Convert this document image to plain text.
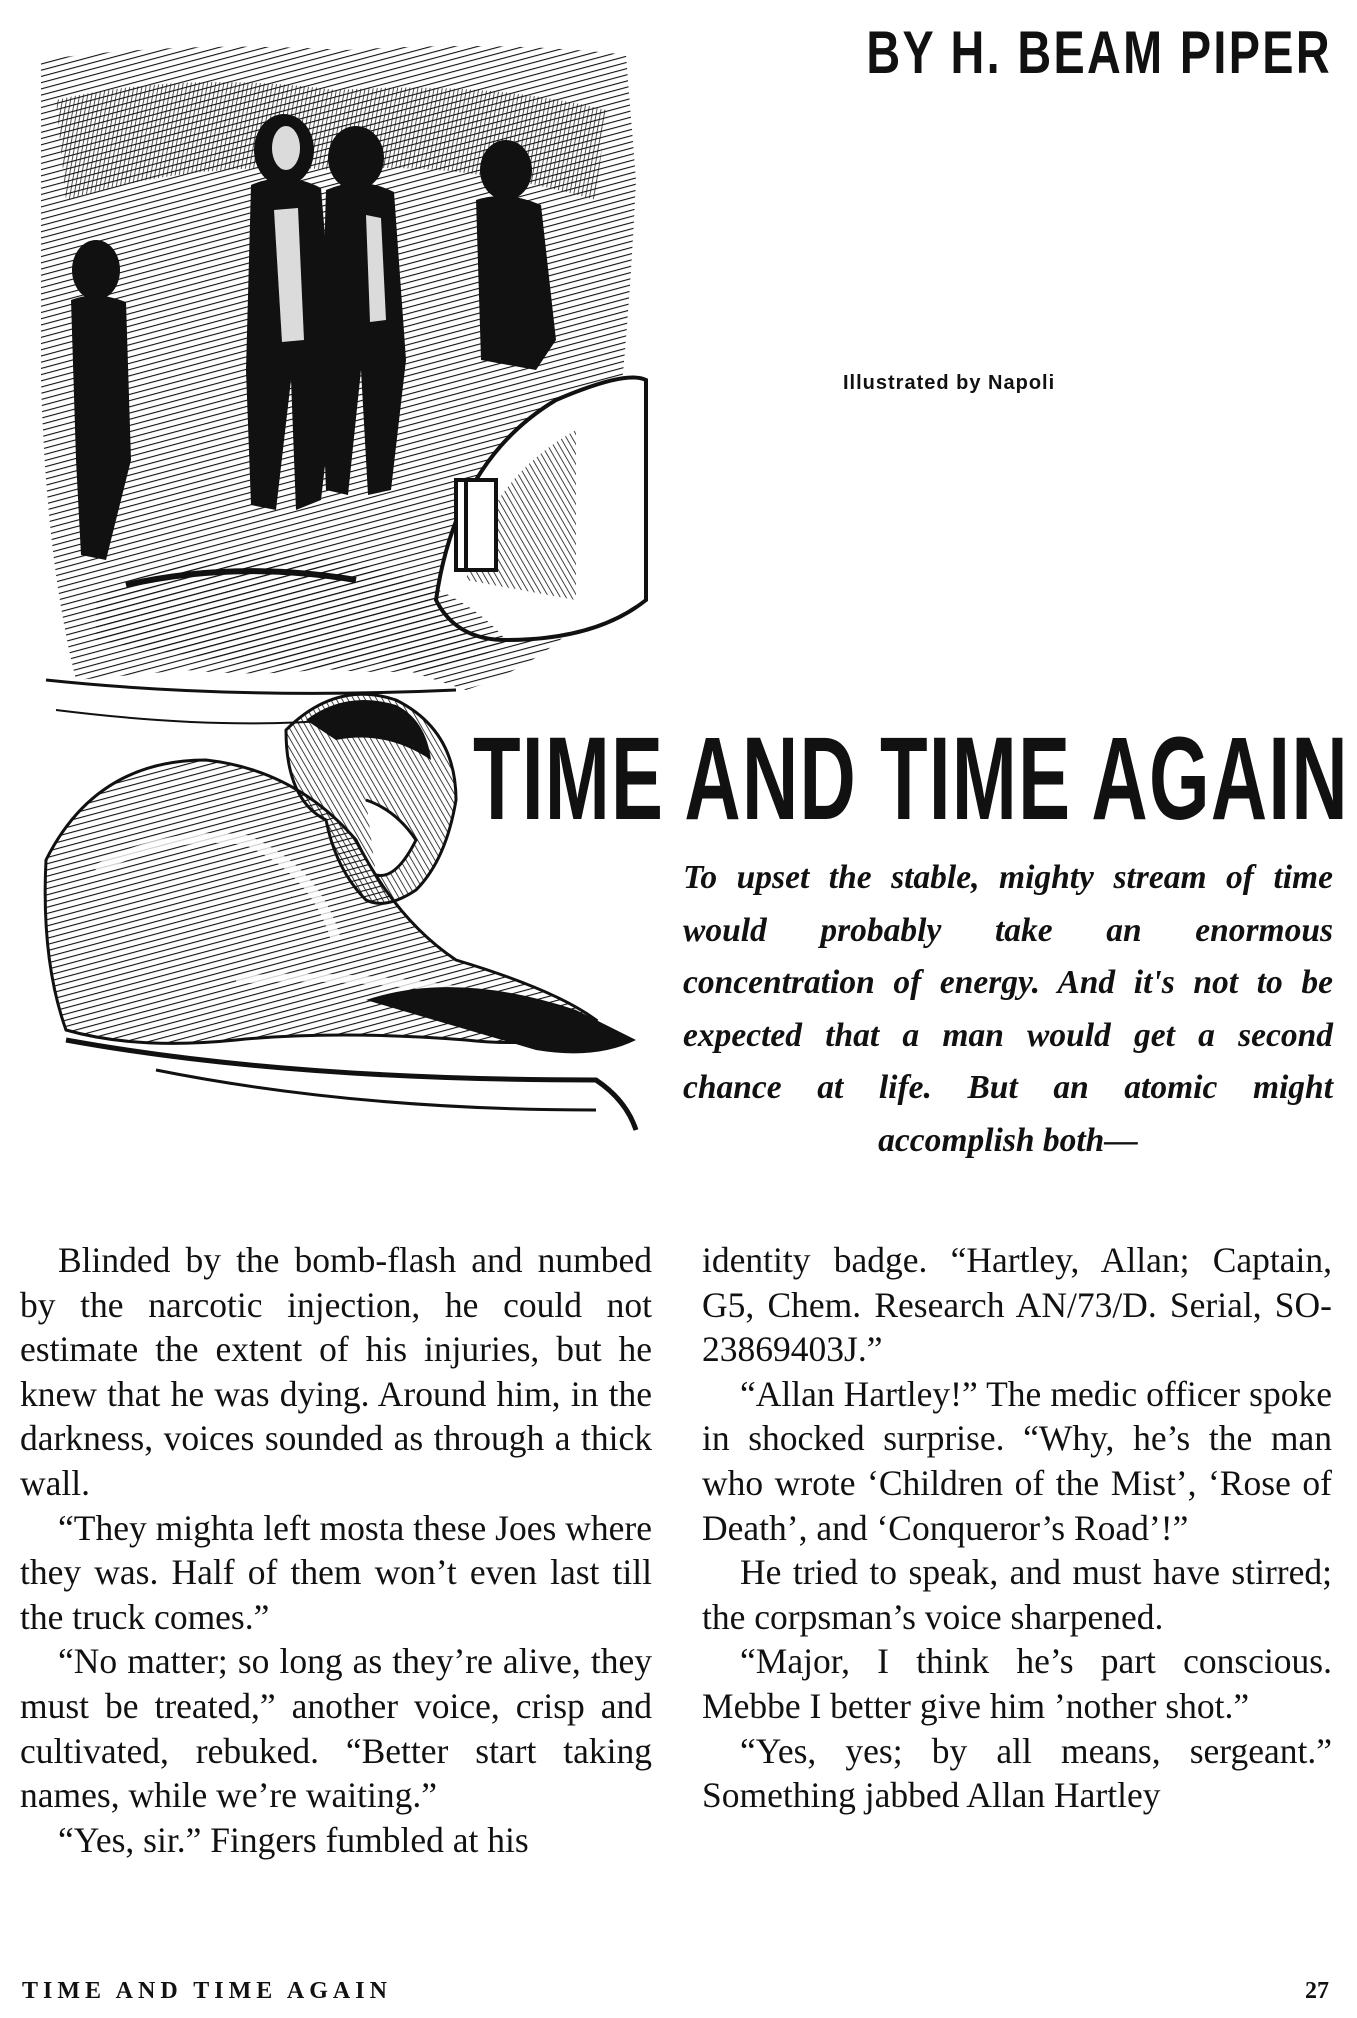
BY H. BEAM PIPER
Illustrated by Napoli
TIME AND TIME AGAIN

To upset the stable, mighty stream of time would probably take an enormous concentration of energy. And it's not to be expected that a man would get a second chance at life. But an atomic might accomplish both—

Blinded by the bomb-flash and numbed by the narcotic injection, he could not estimate the extent of his injuries, but he knew that he was dying. Around him, in the darkness, voices sounded as through a thick wall.

“They mighta left mosta these Joes where they was. Half of them won’t even last till the truck comes.”

“No matter; so long as they’re alive, they must be treated,” another voice, crisp and cultivated, rebuked. “Better start taking names, while we’re waiting.”

“Yes, sir.” Fingers fumbled at his

identity badge. “Hartley, Allan; Captain, G5, Chem. Research AN/73/D. Serial, SO-23869403J.”

“Allan Hartley!” The medic officer spoke in shocked surprise. “Why, he’s the man who wrote ‘Children of the Mist’, ‘Rose of Death’, and ‘Conqueror’s Road’!”

He tried to speak, and must have stirred; the corpsman’s voice sharpened.

“Major, I think he’s part conscious. Mebbe I better give him ’nother shot.”

“Yes, yes; by all means, sergeant.” Something jabbed Allan Hartley

TIME AND TIME AGAIN	27
